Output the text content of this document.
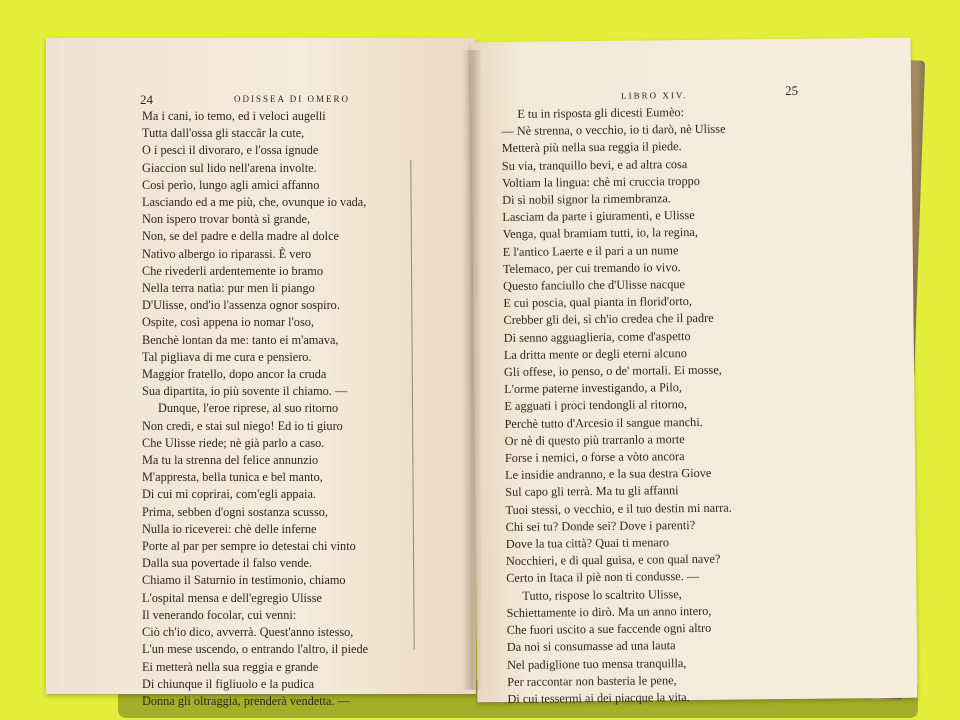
24	ODISSEA DI OMERO
Ma i cani, io temo, ed i veloci augelli
Tutta dall'ossa gli staccâr la cute,
O i pesci il divoraro, e l'ossa ignude
Giaccion sul lido nell'arena involte.
Così perìo, lungo agli amici affanno
Lasciando ed a me più, che, ovunque io vada,
Non ispero trovar bontà sì grande,
Non, se del padre e della madre al dolce
Natìvo albergo io riparassi. È vero
Che rivederli ardentemente io bramo
Nella terra natìa: pur men li piango
D'Ulisse, ond'io l'assenza ognor sospiro.
Ospite, così appena io nomar l'oso,
Benchè lontan da me: tanto ei m'amava,
Tal pigliava di me cura e pensiero.
Maggior fratello, dopo ancor la cruda
Sua dipartita, io più sovente il chiamo. —
Dunque, l'eroe riprese, al suo ritorno
Non credi, e stai sul niego! Ed io ti giuro
Che Ulisse riede; nè già parlo a caso.
Ma tu la strenna del felice annunzio
M'appresta, bella tunica e bel manto,
Di cui mi coprirai, com'egli appaia.
Prima, sebben d'ogni sostanza scusso,
Nulla io riceverei: chè delle inferne
Porte al par per sempre io detestai chi vinto
Dalla sua povertade il falso vende.
Chiamo il Saturnio in testimonio, chiamo
L'ospital mensa e dell'egregio Ulisse
Il venerando focolar, cui venni:
Ciò ch'io dico, avverrà. Quest'anno istesso,
L'un mese uscendo, o entrando l'altro, il piede
Ei metterà nella sua reggia e grande
Di chiunque il figliuolo e la pudica
Donna gli oltraggia, prenderà vendetta. —
LIBRO XIV.	25
E tu in risposta gli dicesti Eumèo:
— Nè strenna, o vecchio, io ti darò, nè Ulisse
Metterà più nella sua reggia il piede.
Su via, tranquillo bevi, e ad altra cosa
Voltiam la lingua: chè mi cruccia troppo
Di sì nobil signor la rimembranza.
Lasciam da parte i giuramenti, e Ulisse
Venga, qual bramiam tutti, io, la regina,
E l'antico Laerte e il pari a un nume
Telemaco, per cui tremando io vivo.
Questo fanciullo che d'Ulisse nacque
E cui poscia, qual pianta in florid'orto,
Crebber gli dei, sì ch'io credea che il padre
Di senno agguaglieria, come d'aspetto
La dritta mente or degli eterni alcuno
Gli offese, io penso, o de' mortali. Ei mosse,
L'orme paterne investigando, a Pilo,
E agguati i proci tendongli al ritorno,
Perchè tutto d'Arcesio il sangue manchi.
Or nè di questo più trarranlo a morte
Forse i nemici, o forse a vòto ancora
Le insidie andranno, e la sua destra Giove
Sul capo gli terrà. Ma tu gli affanni
Tuoi stessi, o vecchio, e il tuo destin mi narra.
Chi sei tu? Donde sei? Dove i parenti?
Dove la tua città? Quai ti menaro
Nocchieri, e di qual guisa, e con qual nave?
Certo in Itaca il piè non ti condusse. —
Tutto, rispose lo scaltrito Ulisse,
Schiettamente io dirò. Ma un anno intero,
Che fuori uscito a sue faccende ogni altro
Da noi si consumasse ad una lauta
Nel padiglione tuo mensa tranquilla,
Per raccontar non basteria le pene,
Di cui tessermi ai dei piacque la vita.
